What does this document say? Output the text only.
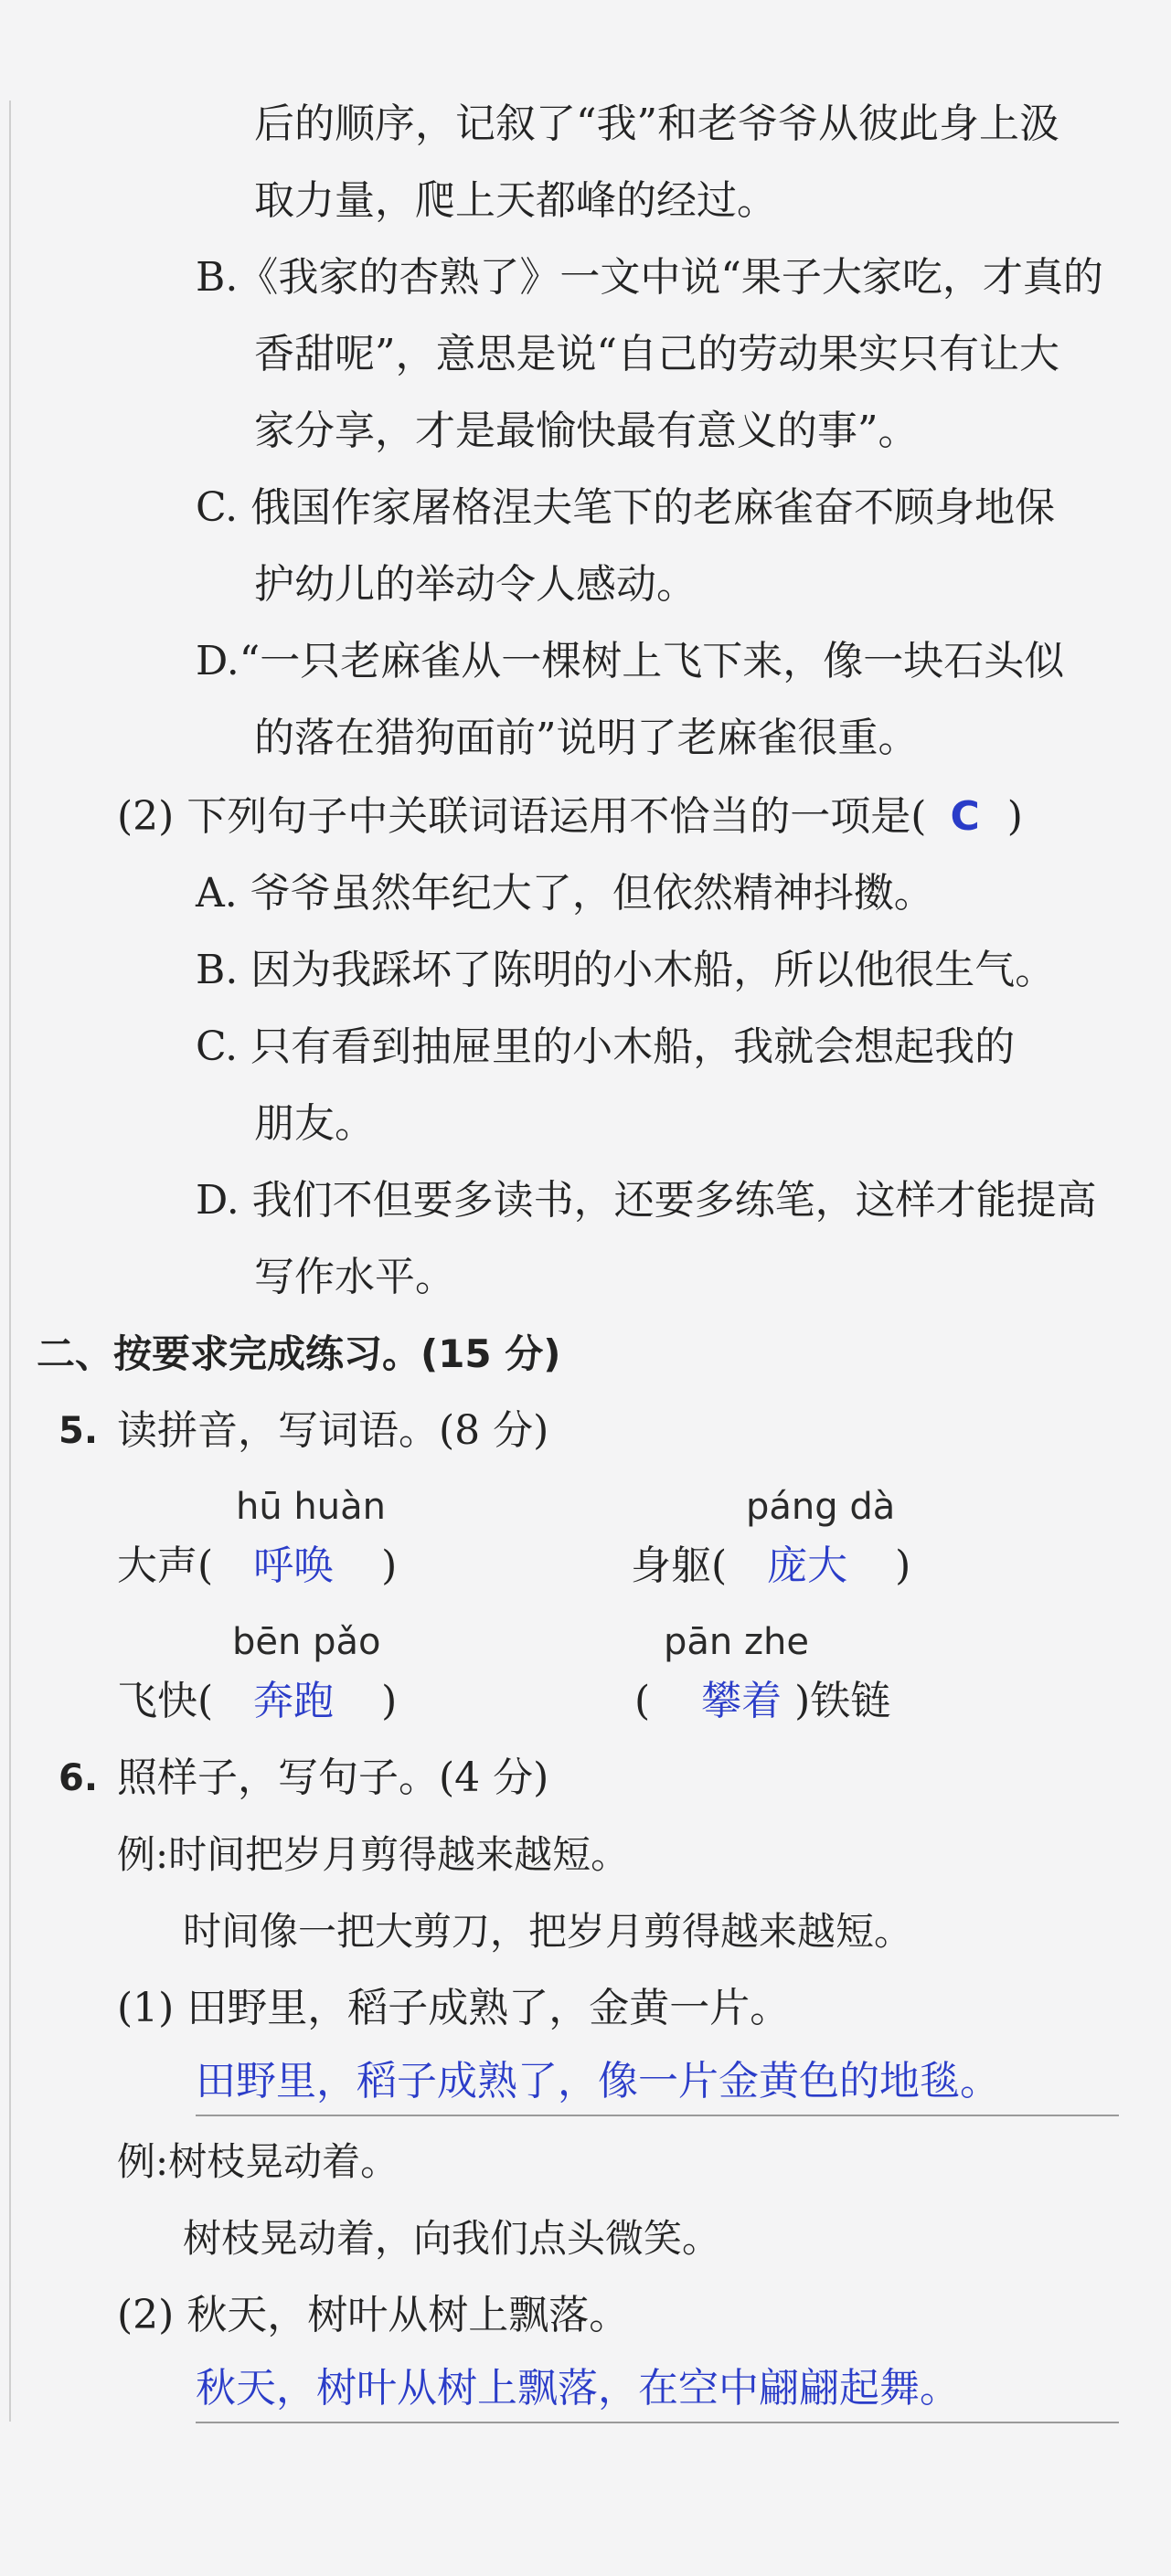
后的顺序，记叙了“我”和老爷爷从彼此身上汲
取力量，爬上天都峰的经过。
B.《我家的杏熟了》一文中说“果子大家吃，才真的
香甜呢”，意思是说“自己的劳动果实只有让大
家分享，才是最愉快最有意义的事”。
C. 俄国作家屠格涅夫笔下的老麻雀奋不顾身地保
护幼儿的举动令人感动。
D.“一只老麻雀从一棵树上飞下来，像一块石头似
的落在猎狗面前”说明了老麻雀很重。
(2) 下列句子中关联词语运用不恰当的一项是( C )
A. 爷爷虽然年纪大了，但依然精神抖擞。
B. 因为我踩坏了陈明的小木船，所以他很生气。
C. 只有看到抽屉里的小木船，我就会想起我的
朋友。
D. 我们不但要多读书，还要多练笔，这样才能提高
写作水平。
二、按要求完成练习。(15 分)
5. 读拼音，写词语。(8 分)
hū huàn
大声( 呼唤 )
páng dà
身躯( 庞大 )
bēn pǎo
飞快( 奔跑 )
pān zhe
( 攀着 )铁链
6. 照样子，写句子。(4 分)
例:时间把岁月剪得越来越短。
时间像一把大剪刀，把岁月剪得越来越短。
(1) 田野里，稻子成熟了，金黄一片。
田野里，稻子成熟了，像一片金黄色的地毯。
例:树枝晃动着。
树枝晃动着，向我们点头微笑。
(2) 秋天，树叶从树上飘落。
秋天，树叶从树上飘落，在空中翩翩起舞。
